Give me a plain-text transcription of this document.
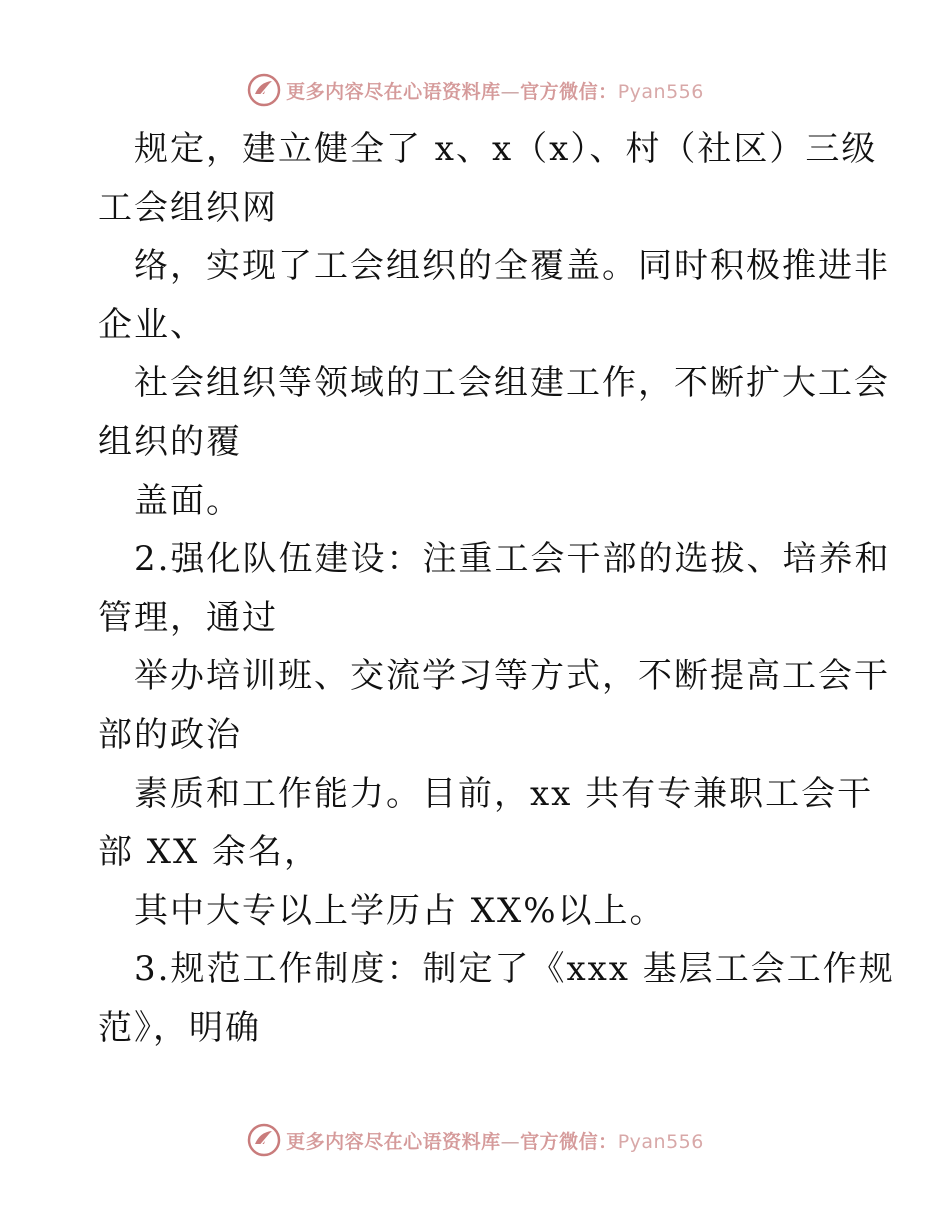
更多内容尽在心语资料库—官方微信：Pyan556
规定，建立健全了 x、x（x）、村（社区）三级
工会组织网
络，实现了工会组织的全覆盖。同时积极推进非
企业、
社会组织等领域的工会组建工作，不断扩大工会
组织的覆
盖面。
2.强化队伍建设：注重工会干部的选拔、培养和
管理，通过
举办培训班、交流学习等方式，不断提高工会干
部的政治
素质和工作能力。目前，xx 共有专兼职工会干
部 XX 余名，
其中大专以上学历占 XX%以上。
3.规范工作制度：制定了《xxx 基层工会工作规
范》，明确
更多内容尽在心语资料库—官方微信：Pyan556
